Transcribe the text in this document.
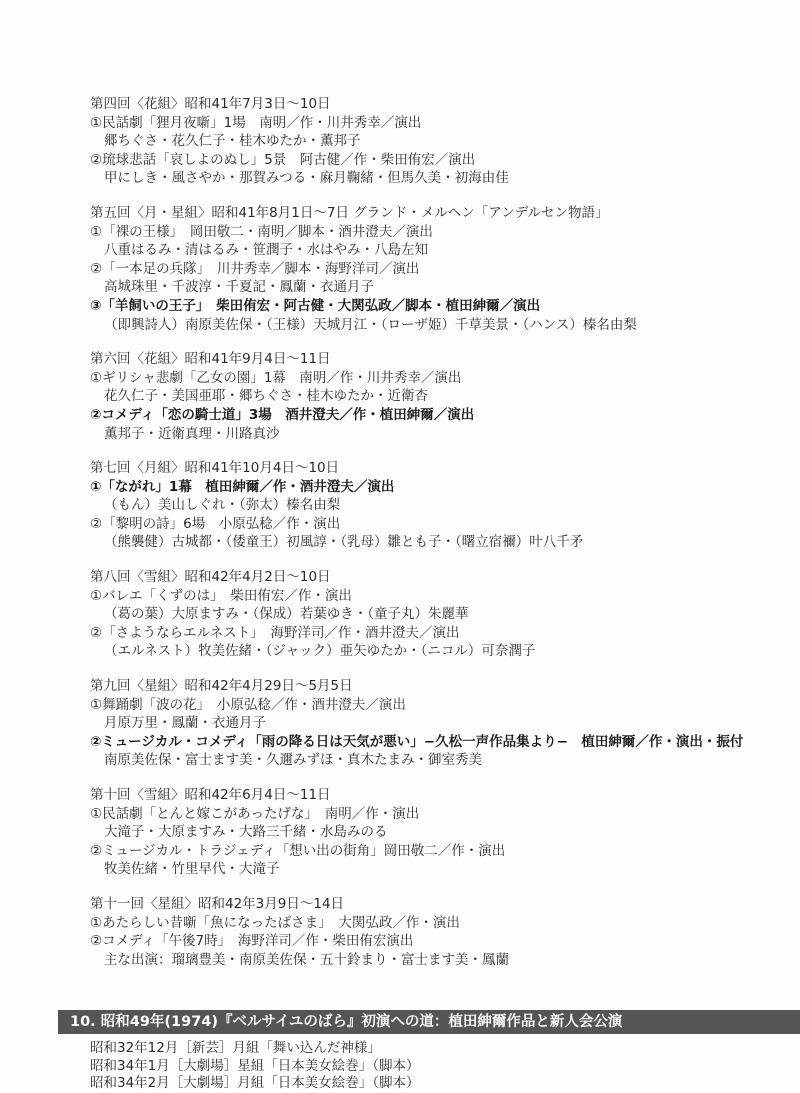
第四回〈花組〉昭和41年7月3日〜10日
①民話劇「狸月夜噺」1場　南明／作・川井秀幸／演出
郷ちぐさ・花久仁子・桂木ゆたか・薫邦子
②琉球悲話「哀しよのぬし」5景　阿古健／作・柴田侑宏／演出
甲にしき・風さやか・那賀みつる・麻月鞠緒・但馬久美・初海由佳
第五回〈月・星組〉昭和41年8月1日〜7日 グランド・メルヘン「アンデルセン物語」
①「裸の王様」　岡田敬二・南明／脚本・酒井澄夫／演出
八重はるみ・清はるみ・笹潤子・水はやみ・八島左知
②「一本足の兵隊」　川井秀幸／脚本・海野洋司／演出
高城珠里・千波淳・千夏記・鳳蘭・衣通月子
③「羊飼いの王子」　柴田侑宏・阿古健・大関弘政／脚本・植田紳爾／演出
（即興詩人）南原美佐保・（王様）天城月江・（ローザ姫）千草美景・（ハンス）榛名由梨
第六回〈花組〉昭和41年9月4日〜11日
①ギリシャ悲劇「乙女の園」1幕　南明／作・川井秀幸／演出
花久仁子・美国亜耶・郷ちぐさ・桂木ゆたか・近衛杏
②コメディ「恋の騎士道」3場　酒井澄夫／作・植田紳爾／演出
薫邦子・近衛真理・川路真沙
第七回〈月組〉昭和41年10月4日〜10日
①「ながれ」1幕　植田紳爾／作・酒井澄夫／演出
（もん）美山しぐれ・（弥太）榛名由梨
②「黎明の詩」6場　小原弘稔／作・演出
（熊襲健）古城都・（倭童王）初風諄・（乳母）雛とも子・（曙立宿禰）叶八千矛
第八回〈雪組〉昭和42年4月2日〜10日
①バレエ「くずのは」　柴田侑宏／作・演出
（葛の葉）大原ますみ・（保成）若葉ゆき・（童子丸）朱麗華
②「さようならエルネスト」　海野洋司／作・酒井澄夫／演出
（エルネスト）牧美佐緒・（ジャック）亜矢ゆたか・（ニコル）可奈潤子
第九回〈星組〉昭和42年4月29日〜5月5日
①舞踊劇「波の花」　小原弘稔／作・酒井澄夫／演出
月原万里・鳳蘭・衣通月子
②ミュージカル・コメディ「雨の降る日は天気が悪い」−久松一声作品集より−　植田紳爾／作・演出・振付
南原美佐保・富士ます美・久邇みずほ・真木たまみ・御室秀美
第十回〈雪組〉昭和42年6月4日〜11日
①民話劇「とんと嫁こがあったげな」　南明／作・演出
大滝子・大原ますみ・大路三千緒・水島みのる
②ミュージカル・トラジェディ「想い出の街角」岡田敬二／作・演出
牧美佐緒・竹里早代・大滝子
第十一回〈星組〉昭和42年3月9日〜14日
①あたらしい昔噺「魚になったばさま」　大関弘政／作・演出
②コメディ「午後7時」　海野洋司／作・柴田侑宏演出
主な出演：瑠璃豊美・南原美佐保・五十鈴まり・富士ます美・鳳蘭
10. 昭和49年(1974)『ベルサイユのばら』初演への道：植田紳爾作品と新人会公演
昭和32年12月［新芸］月組「舞い込んだ神様」
昭和34年1月［大劇場］星組「日本美女絵巻」（脚本）
昭和34年2月［大劇場］月組「日本美女絵巻」（脚本）
